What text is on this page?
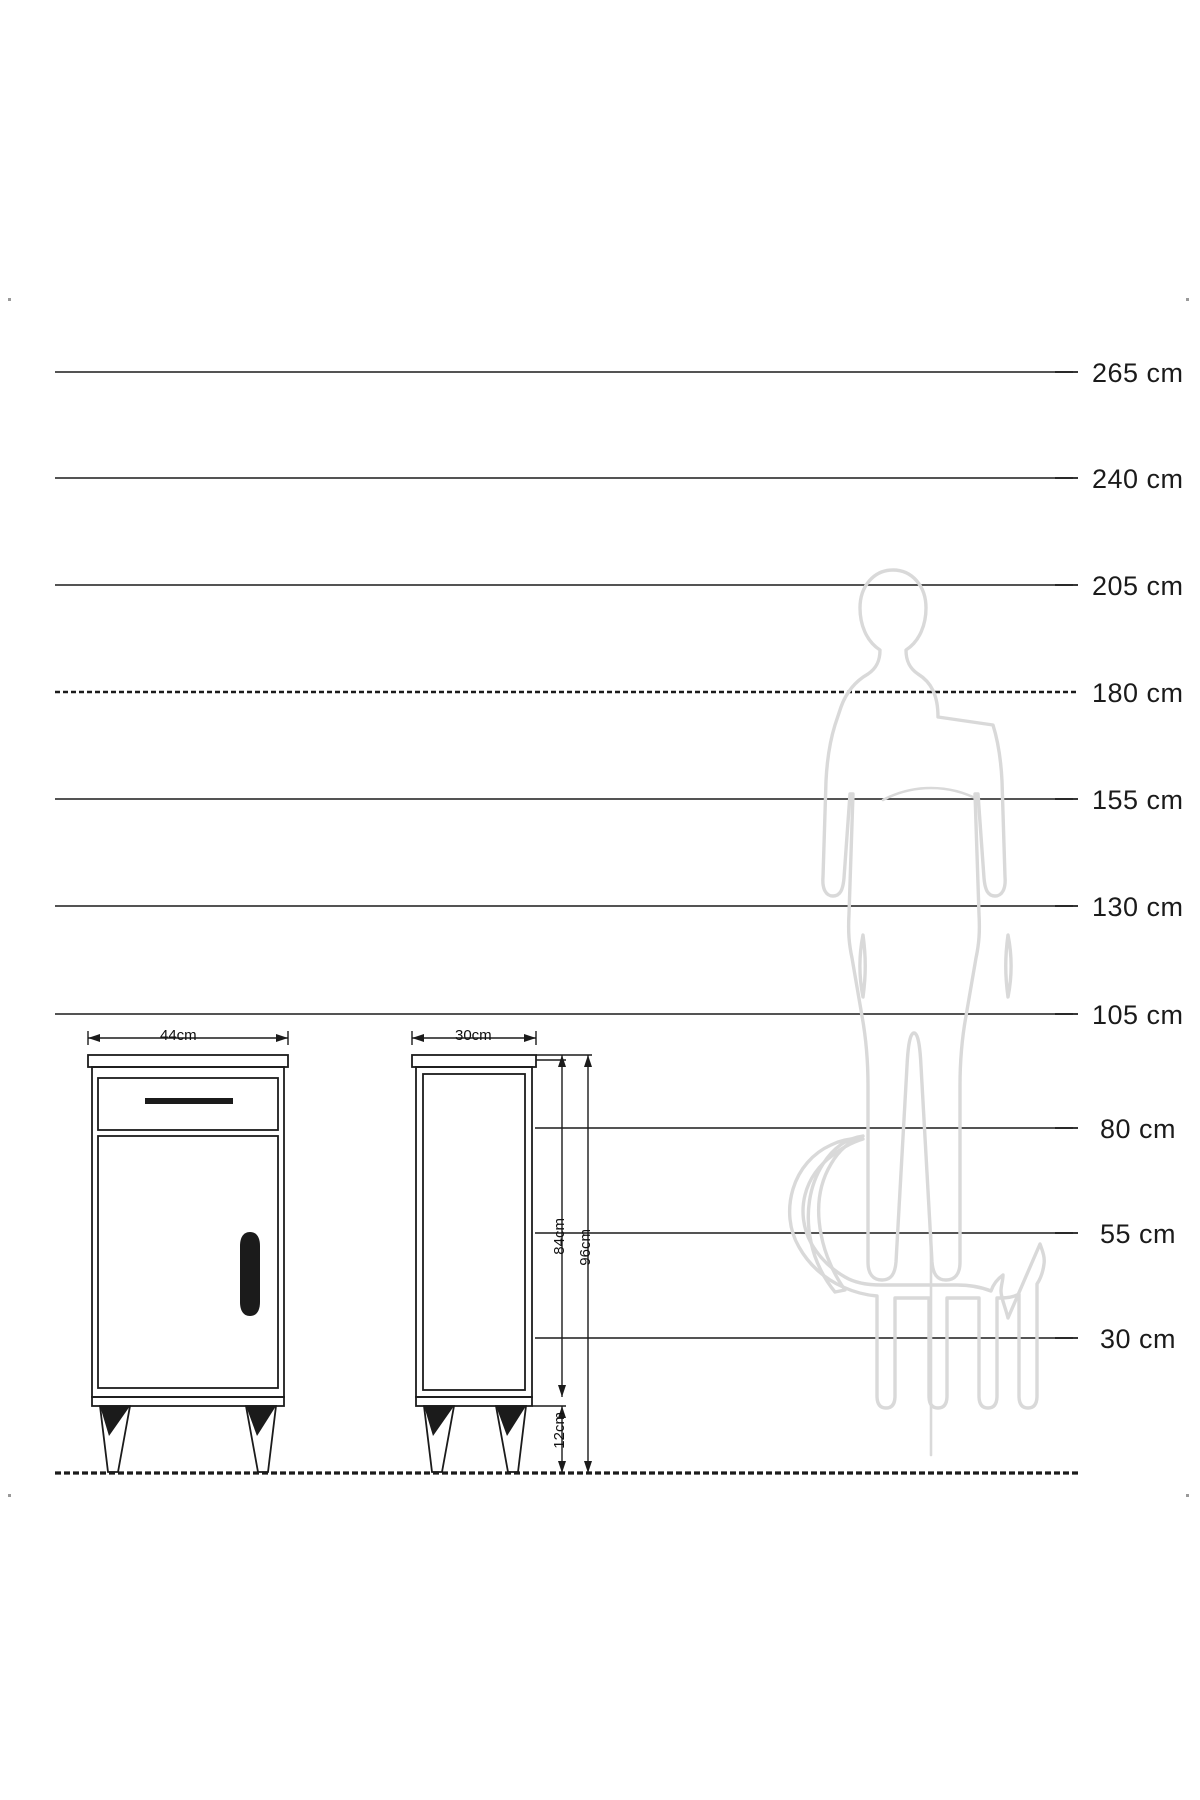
265 cm
240 cm
205 cm
180 cm
155 cm
130 cm
105 cm
80 cm
55 cm
30 cm
44cm	30cm
84cm 96cm
12cm
